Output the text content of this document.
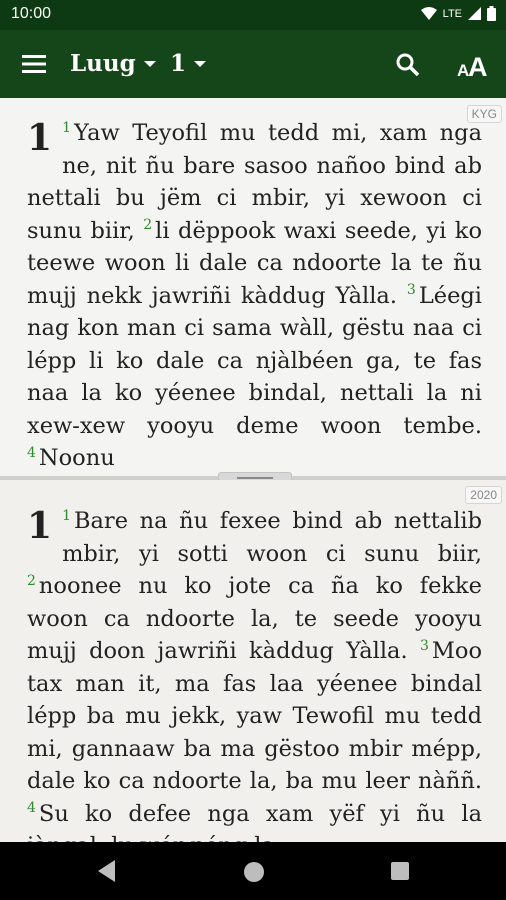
10:00	LTE
Luug 1	A
A
KYG
1 $^1$ Yaw Teyofil mu tedd mi, xam nga ne, nit ñu bare sasoo nañoo bind ab nettali bu jëm ci mbir, yi xewoon ci sunu biir, $^2$ li dëppook waxi seede, yi ko teewe woon li dale ca ndoorte la te ñu mujj nekk jawriñi kàddug Yàlla. $^3$ Léegi nag kon man ci sama wàll, gëstu naa ci lépp li ko dale ca njàlbéen ga, te fas naa la ko yéenee bindal, nettali la ni xew-xew yooyu deme woon tembe. $^4$ Noonu
2020
1 $^1$ Bare na ñu fexee bind ab nettalib mbir, yi sotti woon ci sunu biir, $^2$ noonee nu ko jote ca ña ko fekke woon ca ndoorte la, te seede yooyu mujj doon jawriñi kàddug Yàlla. $^3$ Moo tax man it, ma fas laa yéenee bindal lépp ba mu jekk, yaw Tewofil mu tedd mi, gannaaw ba ma gëstoo mbir mépp, dale ko ca ndoorte la, ba mu leer nàññ. $^4$ Su ko defee nga xam yëf yi ñu la
